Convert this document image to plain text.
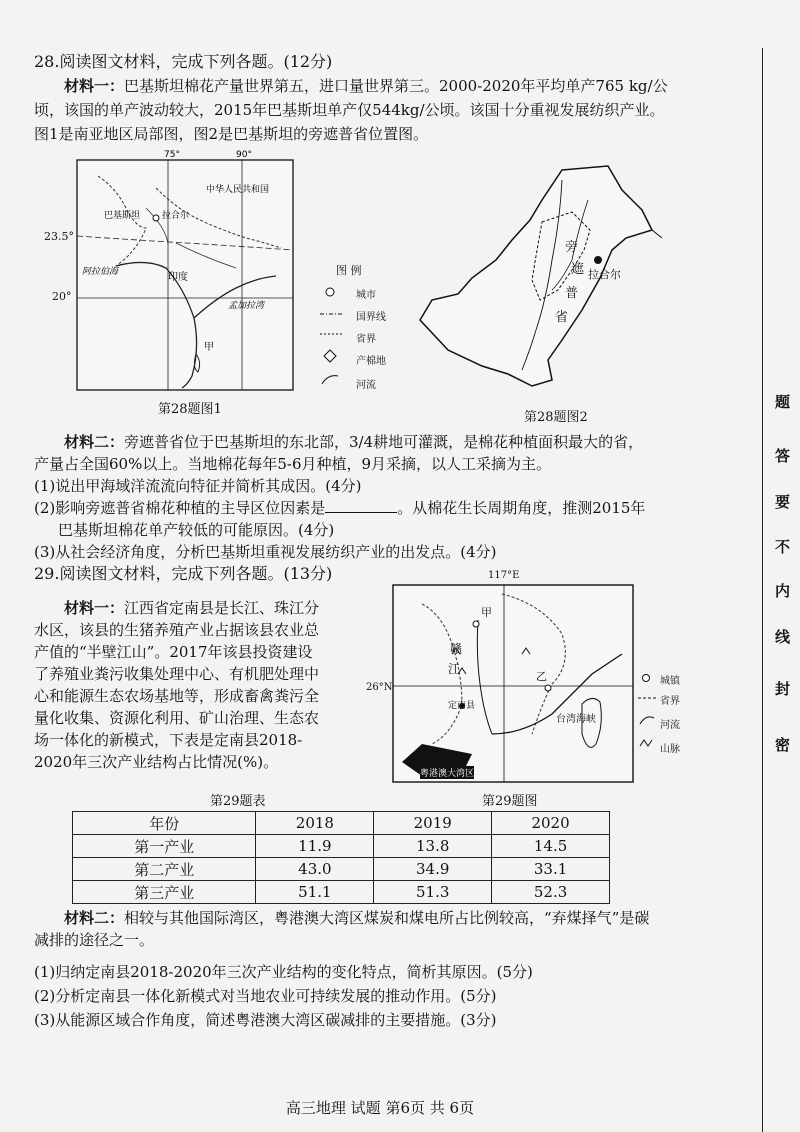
28.阅读图文材料，完成下列各题。(12分)
材料一：巴基斯坦棉花产量世界第五，进口量世界第三。2000-2020年平均单产765 kg/公
顷，该国的单产波动较大，2015年巴基斯坦单产仅544kg/公顷。该国十分重视发展纺织产业。
图1是南亚地区局部图，图2是巴基斯坦的旁遮普省位置图。
中华人民共和国
巴基斯坦 拉合尔
阿拉伯海	印度
孟加拉湾
甲
75°	90°
23.5°
20°
第28题图1
图 例
城市
国界线
省界
产棉地
河流
旁
遮
普
省
拉合尔
第28题图2
材料二：旁遮普省位于巴基斯坦的东北部，3/4耕地可灌溉，是棉花种植面积最大的省，
产量占全国60%以上。当地棉花每年5-6月种植，9月采摘，以人工采摘为主。
(1)说出甲海域洋流流向特征并简析其成因。(4分)
(2)影响旁遮普省棉花种植的主导区位因素是	。从棉花生长周期角度，推测2015年
巴基斯坦棉花单产较低的可能原因。(4分)
(3)从社会经济角度，分析巴基斯坦重视发展纺织产业的出发点。(4分)
29.阅读图文材料，完成下列各题。(13分)
材料一：江西省定南县是长江、珠江分
水区，该县的生猪养殖产业占据该县农业总
产值的“半壁江山”。2017年该县投资建设
了养殖业粪污收集处理中心、有机肥处理中
心和能源生态农场基地等，形成畜禽粪污全
量化收集、资源化利用、矿山治理、生态农
场一体化的新模式，下表是定南县2018-
2020年三次产业结构占比情况(%)。
117°E
26°N
甲
赣
江
乙
定南县
台湾海峡
粤港澳大湾区
第29题图
城镇
省界
河流
山脉
第29题表
年份	2018	2019	2020
第一产业	11.9	13.8	14.5
第二产业	43.0	34.9	33.1
第三产业	51.1	51.3	52.3
材料二：相较与其他国际湾区，粤港澳大湾区煤炭和煤电所占比例较高，“弃煤择气”是碳
减排的途径之一。
(1)归纳定南县2018-2020年三次产业结构的变化特点，简析其原因。(5分)
(2)分析定南县一体化新模式对当地农业可持续发展的推动作用。(5分)
(3)从能源区域合作角度，简述粤港澳大湾区碳减排的主要措施。(3分)
题
答
要
不
内
线
封
密
高三地理 试题 第6页 共 6页
